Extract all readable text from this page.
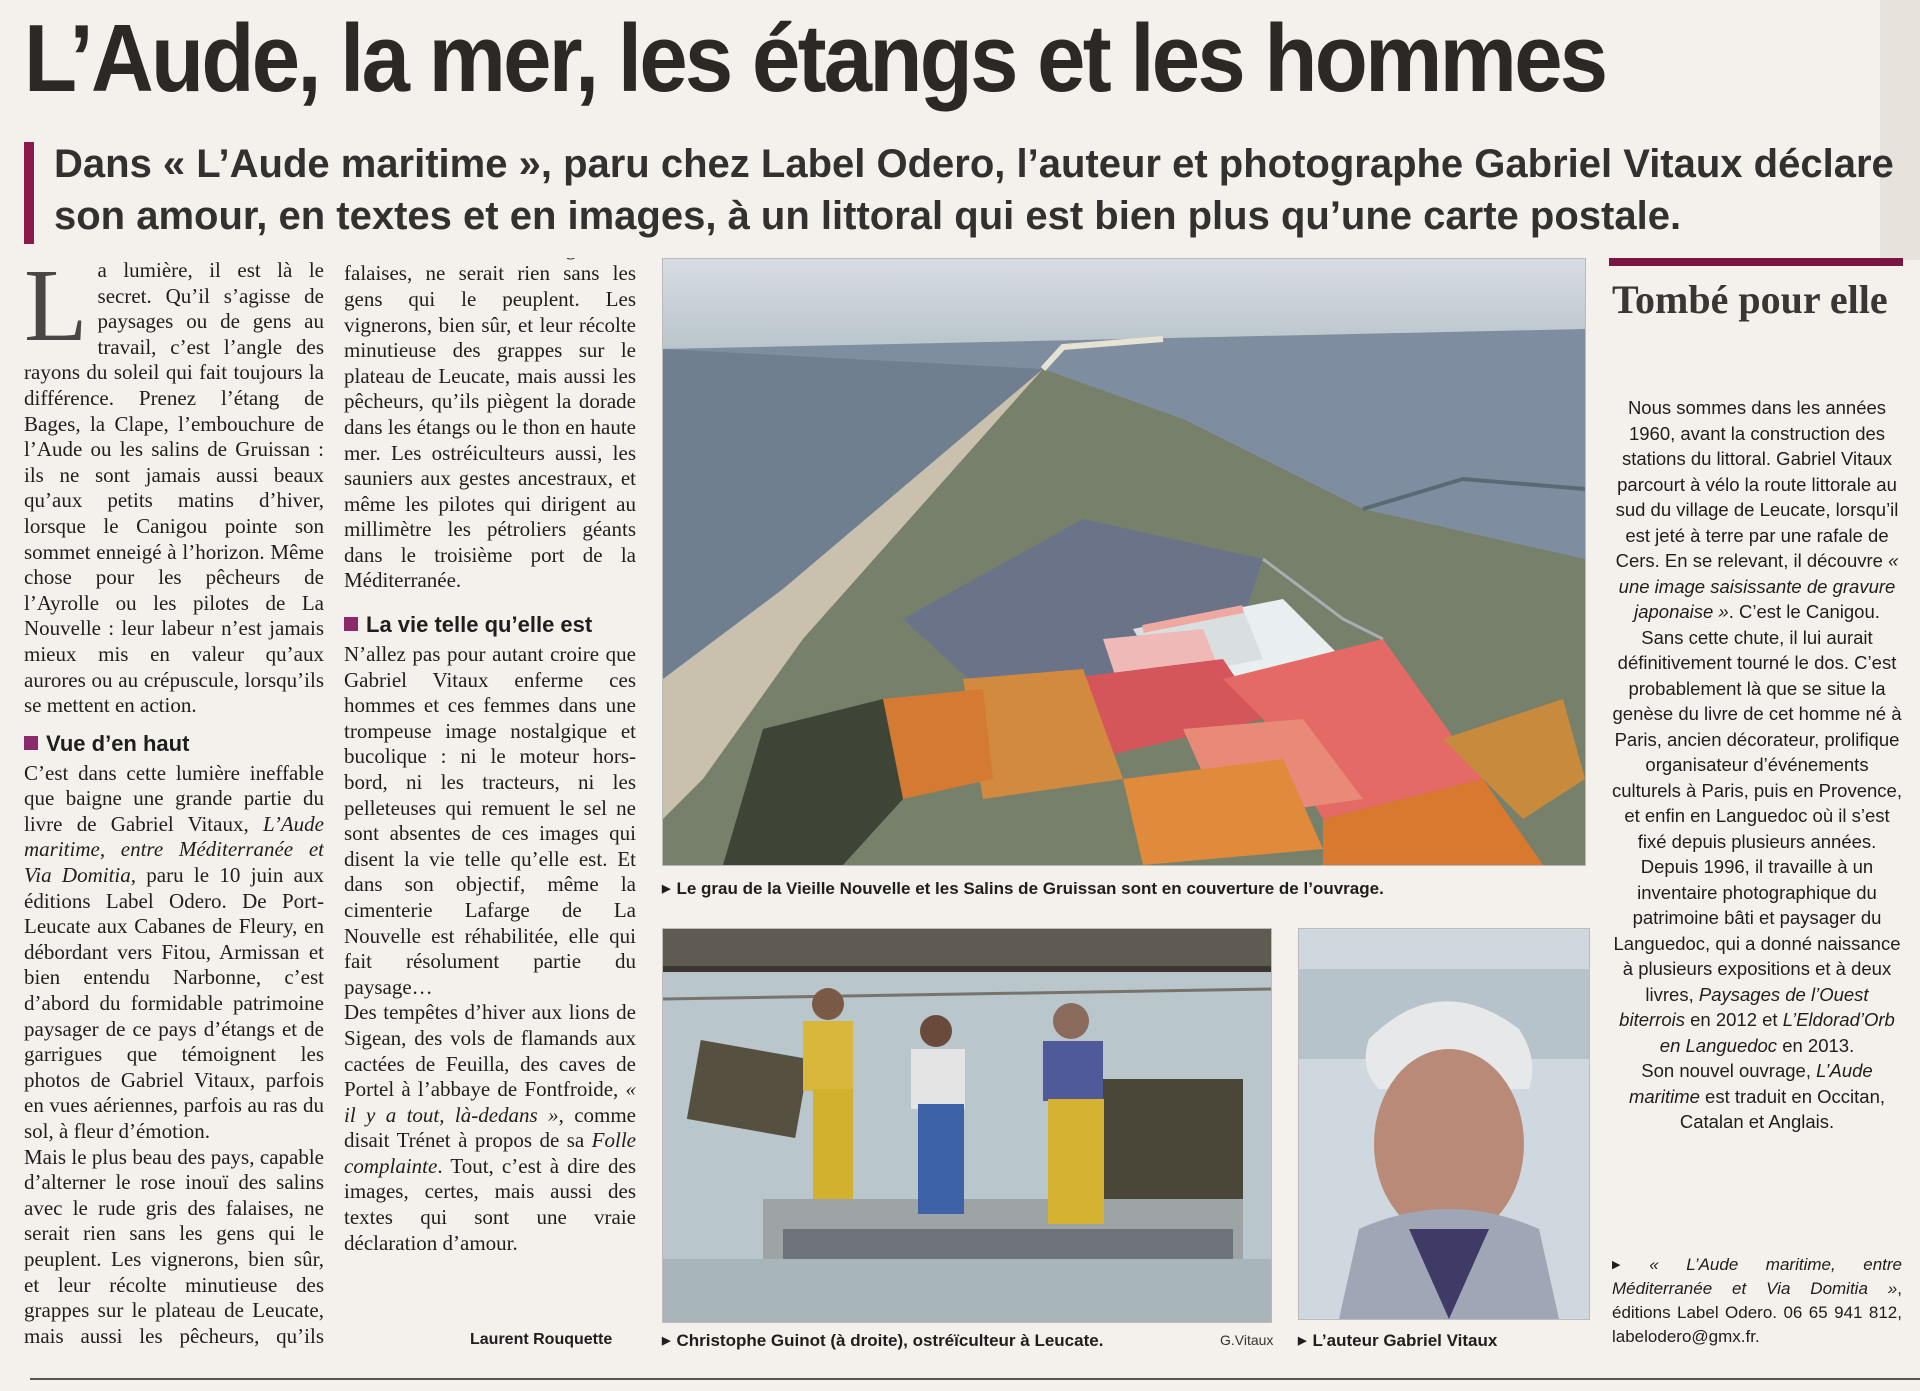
L’Aude, la mer, les étangs et les hommes
Dans « L’Aude maritime », paru chez Label Odero, l’auteur et photographe Gabriel Vitaux déclare son amour, en textes et en images, à un littoral qui est bien plus qu’une carte postale.
L a lumière, il est là le secret. Qu’il s’agisse de paysages ou de gens au travail, c’est l’angle des rayons du soleil qui fait toujours la différence. Prenez l’étang de Bages, la Clape, l’embouchure de l’Aude ou les salins de Gruissan : ils ne sont jamais aussi beaux qu’aux petits matins d’hiver, lorsque le Canigou pointe son sommet enneigé à l’horizon. Même chose pour les pêcheurs de l’Ayrolle ou les pilotes de La Nouvelle : leur labeur n’est jamais mieux mis en valeur qu’aux aurores ou au crépuscule, lorsqu’ils se mettent en action.

Vue d’en haut

C’est dans cette lumière ineffable que baigne une grande partie du livre de Gabriel Vitaux, L’Aude maritime, entre Méditerranée et Via Domitia, paru le 10 juin aux éditions Label Odero. De Port-Leucate aux Cabanes de Fleury, en débordant vers Fitou, Armissan et bien entendu Narbonne, c’est d’abord du formidable patrimoine paysager de ce pays d’étangs et de garrigues que témoignent les photos de Gabriel Vitaux, parfois en vues aériennes, parfois au ras du sol, à fleur d’émotion.

Mais le plus beau des pays, capable d’alterner le rose inouï des salins avec le rude gris des falaises, ne serait rien sans les gens qui le peuplent. Les vignerons, bien sûr, et leur récolte minutieuse des grappes sur le plateau de Leucate, mais aussi les pêcheurs, qu’ils

falaises, ne serait rien sans les gens qui le peuplent. Les vignerons, bien sûr, et leur récolte minutieuse des grappes sur le plateau de Leucate, mais aussi les pêcheurs, qu’ils piègent la dorade dans les étangs ou le thon en haute mer. Les ostréiculteurs aussi, les sauniers aux gestes ancestraux, et même les pilotes qui dirigent au millimètre les pétroliers géants dans le troisième port de la Méditerranée.

La vie telle qu’elle est

N’allez pas pour autant croire que Gabriel Vitaux enferme ces hommes et ces femmes dans une trompeuse image nostalgique et bucolique : ni le moteur hors-bord, ni les tracteurs, ni les pelleteuses qui remuent le sel ne sont absentes de ces images qui disent la vie telle qu’elle est. Et dans son objectif, même la cimenterie Lafarge de La Nouvelle est réhabilitée, elle qui fait résolument partie du paysage…

Des tempêtes d’hiver aux lions de Sigean, des vols de flamands aux cactées de Feuilla, des caves de Portel à l’abbaye de Fontfroide, « il y a tout, là-dedans », comme disait Trénet à propos de sa Folle complainte. Tout, c’est à dire des images, certes, mais aussi des textes qui sont une vraie déclaration d’amour.

Laurent Rouquette
▶ Le grau de la Vieille Nouvelle et les Salins de Gruissan sont en couverture de l’ouvrage.
▶ Christophe Guinot (à droite), ostréïculteur à Leucate.	G.Vitaux ▶ L’auteur Gabriel Vitaux
Tombé pour elle

Nous sommes dans les années 1960, avant la construction des stations du littoral. Gabriel Vitaux parcourt à vélo la route littorale au sud du village de Leucate, lorsqu’il est jeté à terre par une rafale de Cers. En se relevant, il découvre « une image saisissante de gravure japonaise ». C’est le Canigou. Sans cette chute, il lui aurait définitivement tourné le dos. C’est probablement là que se situe la genèse du livre de cet homme né à Paris, ancien décorateur, prolifique organisateur d’événements culturels à Paris, puis en Provence, et enfin en Languedoc où il s’est fixé depuis plusieurs années.

Depuis 1996, il travaille à un inventaire photographique du patrimoine bâti et paysager du Languedoc, qui a donné naissance à plusieurs expositions et à deux livres, Paysages de l’Ouest biterrois en 2012 et L’Eldorad’Orb en Languedoc en 2013.

Son nouvel ouvrage, L’Aude maritime est traduit en Occitan, Catalan et Anglais.

▶ « L’Aude maritime, entre Méditerranée et Via Domitia », éditions Label Odero. 06 65 941 812, labelodero@gmx.fr.
